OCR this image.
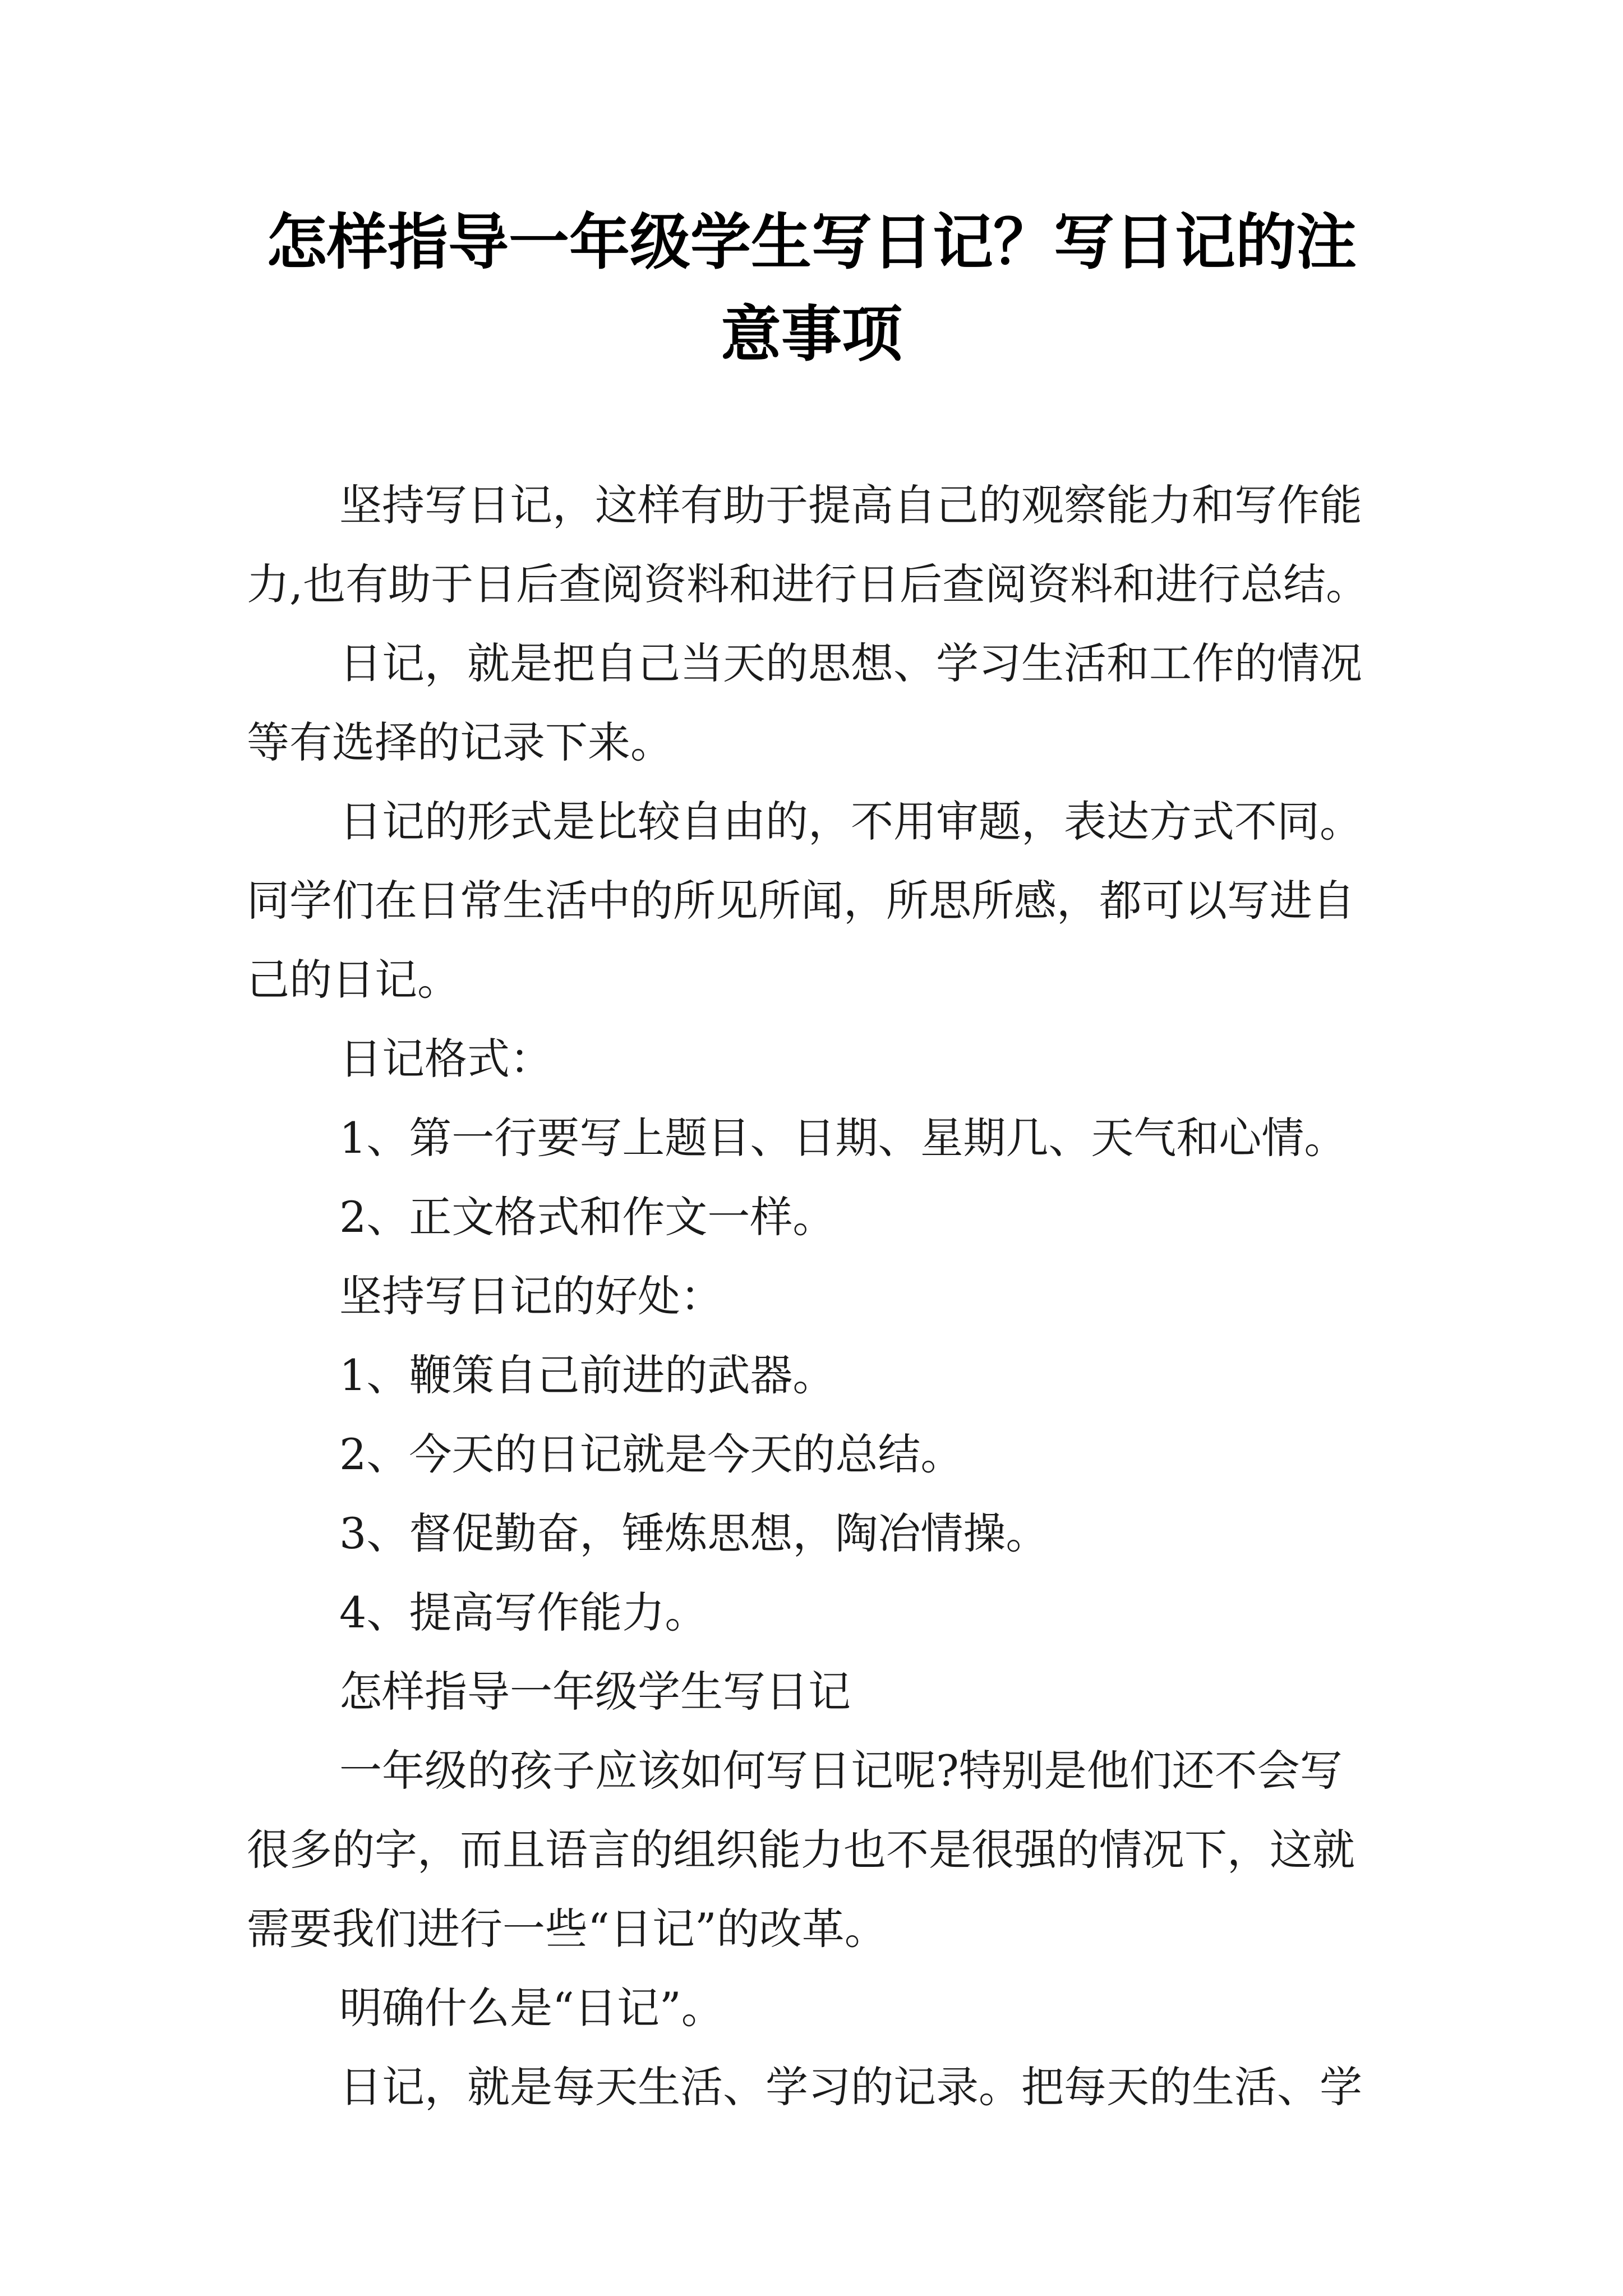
怎样指导一年级学生写日记？写日记的注
意事项

坚持写日记，这样有助于提高自己的观察能力和写作能
力,也有助于日后查阅资料和进行日后查阅资料和进行总结。

日记，就是把自己当天的思想、学习生活和工作的情况
等有选择的记录下来。

日记的形式是比较自由的，不用审题，表达方式不同。
同学们在日常生活中的所见所闻，所思所感，都可以写进自
己的日记。

日记格式：

1、第一行要写上题目、日期、星期几、天气和心情。

2、正文格式和作文一样。

坚持写日记的好处：

1、鞭策自己前进的武器。

2、今天的日记就是今天的总结。

3、督促勤奋，锤炼思想，陶冶情操。

4、提高写作能力。

怎样指导一年级学生写日记

一年级的孩子应该如何写日记呢?特别是他们还不会写
很多的字，而且语言的组织能力也不是很强的情况下，这就
需要我们进行一些“日记”的改革。

明确什么是“日记”。

日记，就是每天生活、学习的记录。把每天的生活、学
